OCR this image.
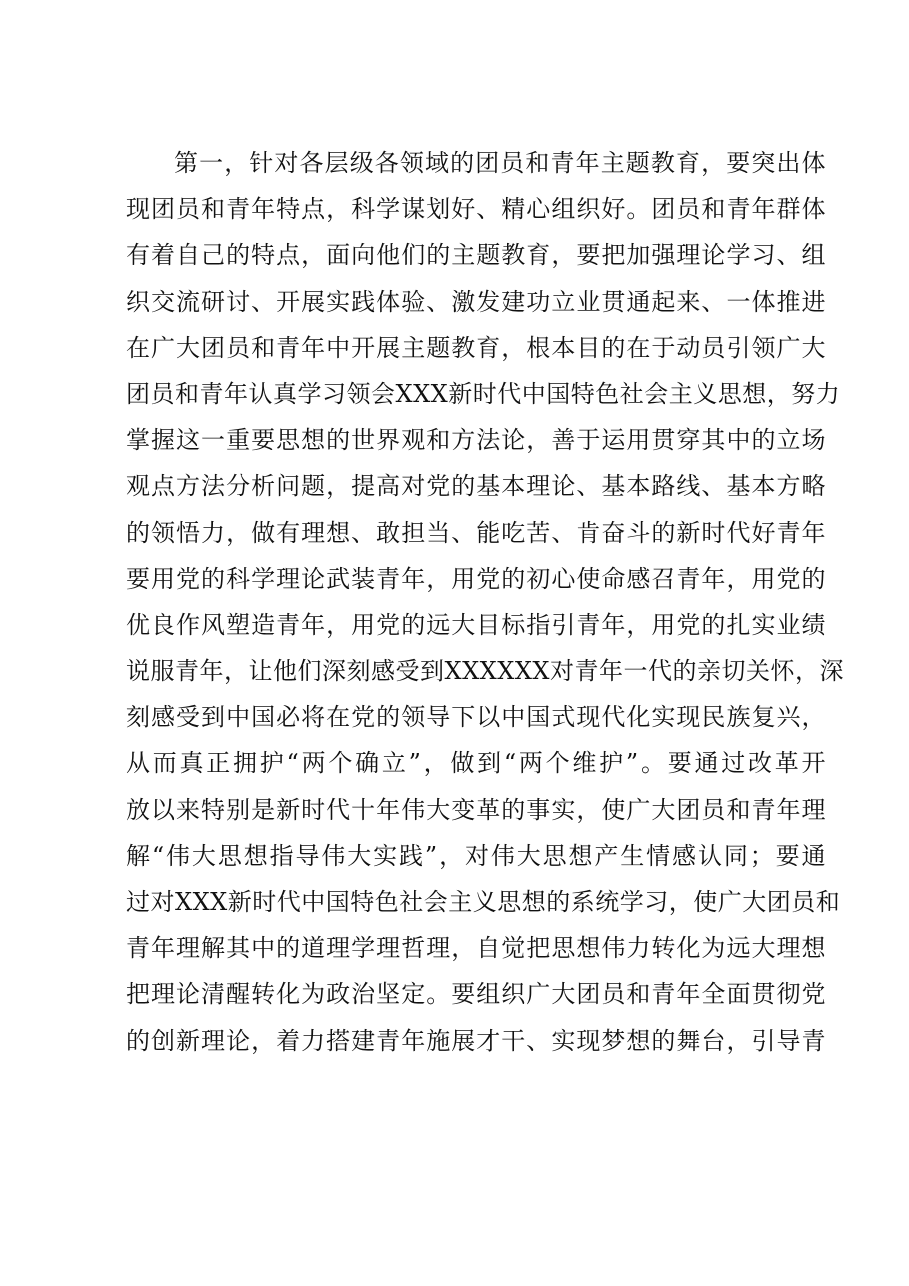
第一，针对各层级各领域的团员和青年主题教育，要突出体
现团员和青年特点，科学谋划好、精心组织好。团员和青年群体
有着自己的特点，面向他们的主题教育，要把加强理论学习、组
织交流研讨、开展实践体验、激发建功立业贯通起来、一体推进
在广大团员和青年中开展主题教育，根本目的在于动员引领广大
团员和青年认真学习领会XXX新时代中国特色社会主义思想，努力
掌握这一重要思想的世界观和方法论，善于运用贯穿其中的立场
观点方法分析问题，提高对党的基本理论、基本路线、基本方略
的领悟力，做有理想、敢担当、能吃苦、肯奋斗的新时代好青年
要用党的科学理论武装青年，用党的初心使命感召青年，用党的
优良作风塑造青年，用党的远大目标指引青年，用党的扎实业绩
说服青年，让他们深刻感受到XXXXXX对青年一代的亲切关怀，深
刻感受到中国必将在党的领导下以中国式现代化实现民族复兴，
从而真正拥护“两个确立”，做到“两个维护”。要通过改革开
放以来特别是新时代十年伟大变革的事实，使广大团员和青年理
解“伟大思想指导伟大实践”，对伟大思想产生情感认同；要通
过对XXX新时代中国特色社会主义思想的系统学习，使广大团员和
青年理解其中的道理学理哲理，自觉把思想伟力转化为远大理想
把理论清醒转化为政治坚定。要组织广大团员和青年全面贯彻党
的创新理论，着力搭建青年施展才干、实现梦想的舞台，引导青
